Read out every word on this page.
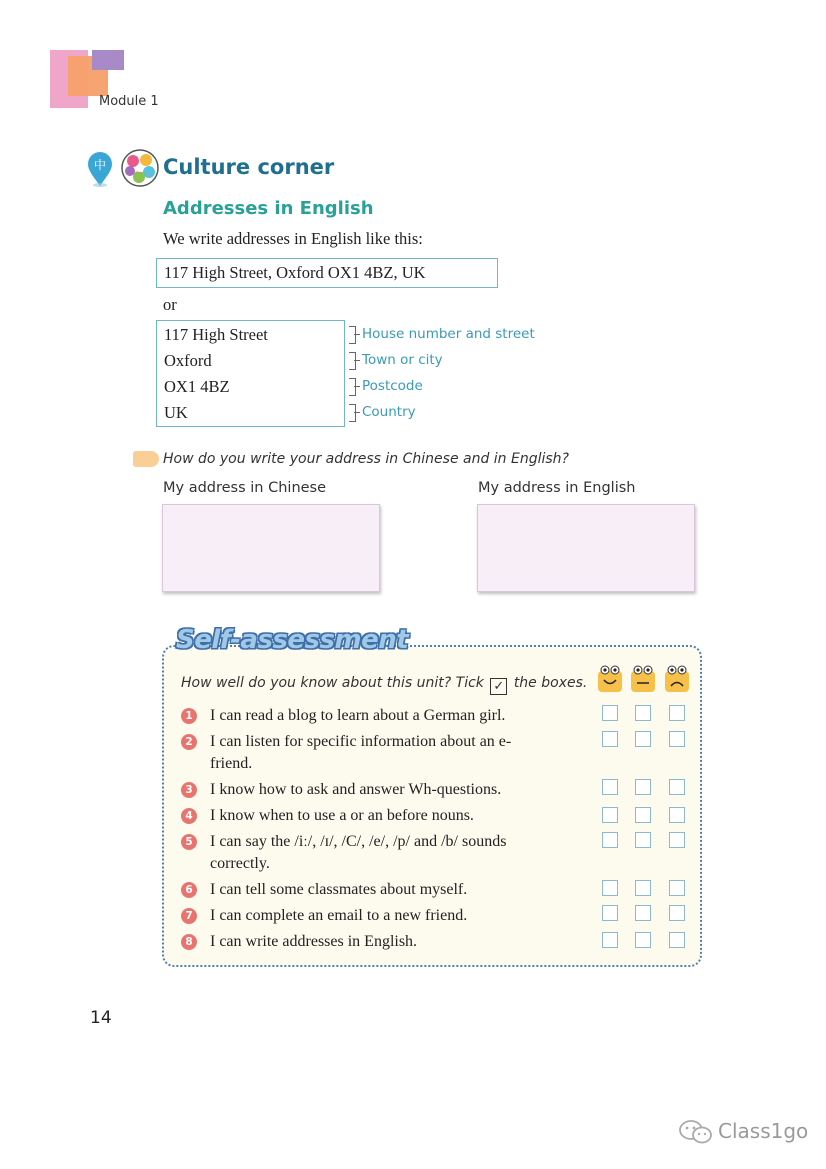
Module 1
中	Culture corner
Addresses in English
We write addresses in English like this:
117 High Street, Oxford OX1 4BZ, UK
or
117 High Street
Oxford
OX1 4BZ
UK
House number and street
Town or city
Postcode
Country
How do you write your address in Chinese and in English?
My address in Chinese	My address in English
Self-assessment
How well do you know about this unit? Tick ✓ the boxes.
1 I can read a blog to learn about a German girl.
2 I can listen for specific information about an e-friend.
3 I know how to ask and answer Wh-questions.
4 I know when to use a or an before nouns.
5 I can say the /iː/, /ɪ/, /C/, /e/, /p/ and /b/ sounds correctly.
6 I can tell some classmates about myself.
7 I can complete an email to a new friend.
8 I can write addresses in English.
14
Class1go
